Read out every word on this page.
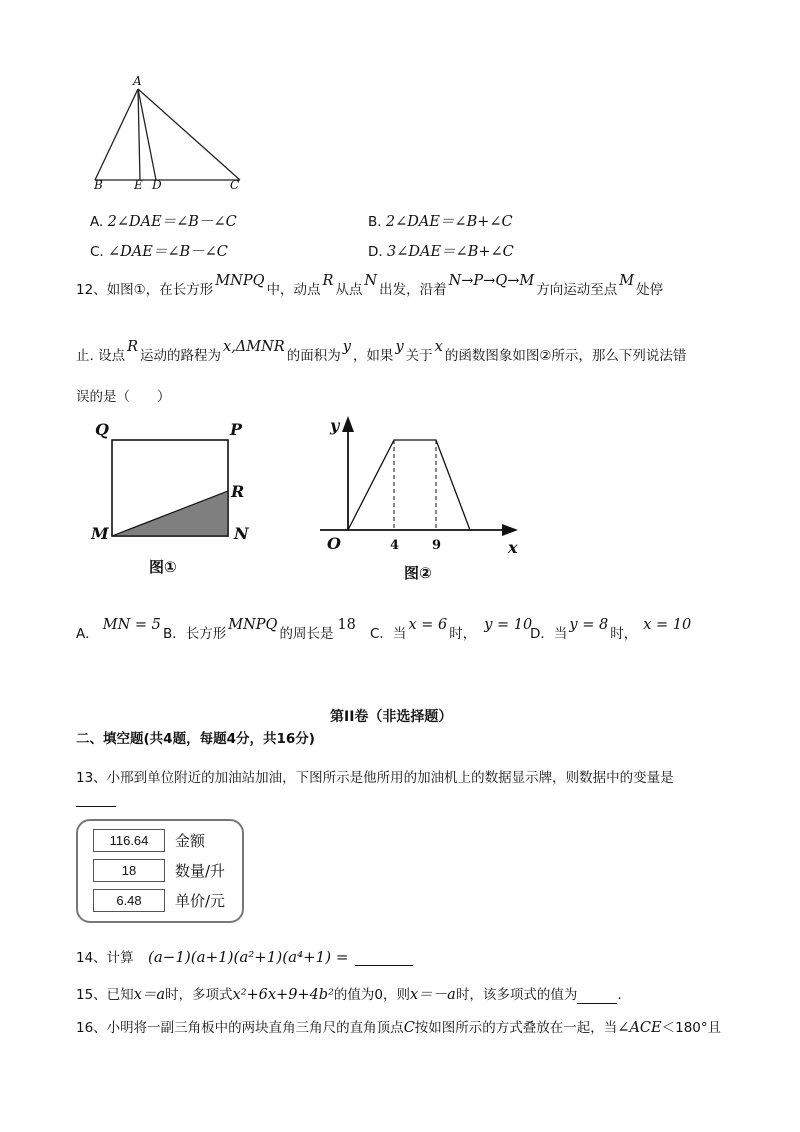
A
B	E D	C
A. 2∠DAE＝∠B－∠C	B. 2∠DAE＝∠B+∠C
C. ∠DAE＝∠B－∠C	D. 3∠DAE＝∠B+∠C
12、如图①，在长方形MNPQ中，动点R从点N出发，沿着N→P→Q→M方向运动至点M处停
止. 设点R运动的路程为x,ΔMNR的面积为y，如果y关于x的函数图象如图②所示，那么下列说法错
误的是（　　）
Q	P
R
M	N
图①
y
O	4	9	x
图②
A．MN = 5
B．长方形MNPQ的周长是18
C．当x = 6时，y = 10
D．当y = 8时，x = 10
第II卷（非选择题）
二、填空题(共4题，每题4分，共16分)
13、小邢到单位附近的加油站加油，下图所示是他所用的加油机上的数据显示牌，则数据中的变量是
116.64	金额
18	数量/升
6.48	单价/元
14、计算 (a−1)(a+1)(a²+1)(a⁴+1) =
15、已知x＝a时，多项式x²+6x+9+4b²的值为0，则x＝－a时，该多项式的值为	.
16、小明将一副三角板中的两块直角三角尺的直角顶点C按如图所示的方式叠放在一起，当∠ACE＜180°且
